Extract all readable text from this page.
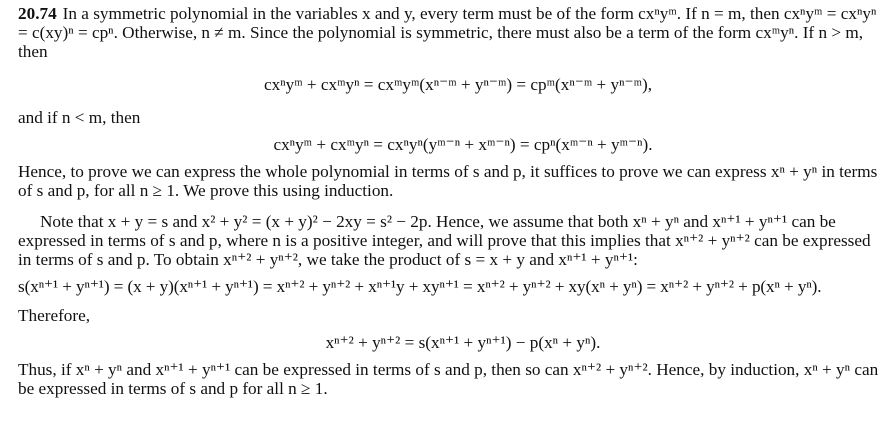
20.74 In a symmetric polynomial in the variables x and y, every term must be of the form cxⁿyᵐ. If n = m, then cxⁿyᵐ = cxⁿyⁿ = c(xy)ⁿ = cpⁿ. Otherwise, n ≠ m. Since the polynomial is symmetric, there must also be a term of the form cxᵐyⁿ. If n > m, then

cxⁿyᵐ + cxᵐyⁿ = cxᵐyᵐ(xⁿ⁻ᵐ + yⁿ⁻ᵐ) = cpᵐ(xⁿ⁻ᵐ + yⁿ⁻ᵐ),

and if n < m, then

cxⁿyᵐ + cxᵐyⁿ = cxⁿyⁿ(yᵐ⁻ⁿ + xᵐ⁻ⁿ) = cpⁿ(xᵐ⁻ⁿ + yᵐ⁻ⁿ).

Hence, to prove we can express the whole polynomial in terms of s and p, it suffices to prove we can express xⁿ + yⁿ in terms of s and p, for all n ≥ 1. We prove this using induction.

Note that x + y = s and x² + y² = (x + y)² − 2xy = s² − 2p. Hence, we assume that both xⁿ + yⁿ and xⁿ⁺¹ + yⁿ⁺¹ can be expressed in terms of s and p, where n is a positive integer, and will prove that this implies that xⁿ⁺² + yⁿ⁺² can be expressed in terms of s and p. To obtain xⁿ⁺² + yⁿ⁺², we take the product of s = x + y and xⁿ⁺¹ + yⁿ⁺¹:

s(xⁿ⁺¹ + yⁿ⁺¹) = (x + y)(xⁿ⁺¹ + yⁿ⁺¹) = xⁿ⁺² + yⁿ⁺² + xⁿ⁺¹y + xyⁿ⁺¹ = xⁿ⁺² + yⁿ⁺² + xy(xⁿ + yⁿ) = xⁿ⁺² + yⁿ⁺² + p(xⁿ + yⁿ).

Therefore,

xⁿ⁺² + yⁿ⁺² = s(xⁿ⁺¹ + yⁿ⁺¹) − p(xⁿ + yⁿ).

Thus, if xⁿ + yⁿ and xⁿ⁺¹ + yⁿ⁺¹ can be expressed in terms of s and p, then so can xⁿ⁺² + yⁿ⁺². Hence, by induction, xⁿ + yⁿ can be expressed in terms of s and p for all n ≥ 1.
